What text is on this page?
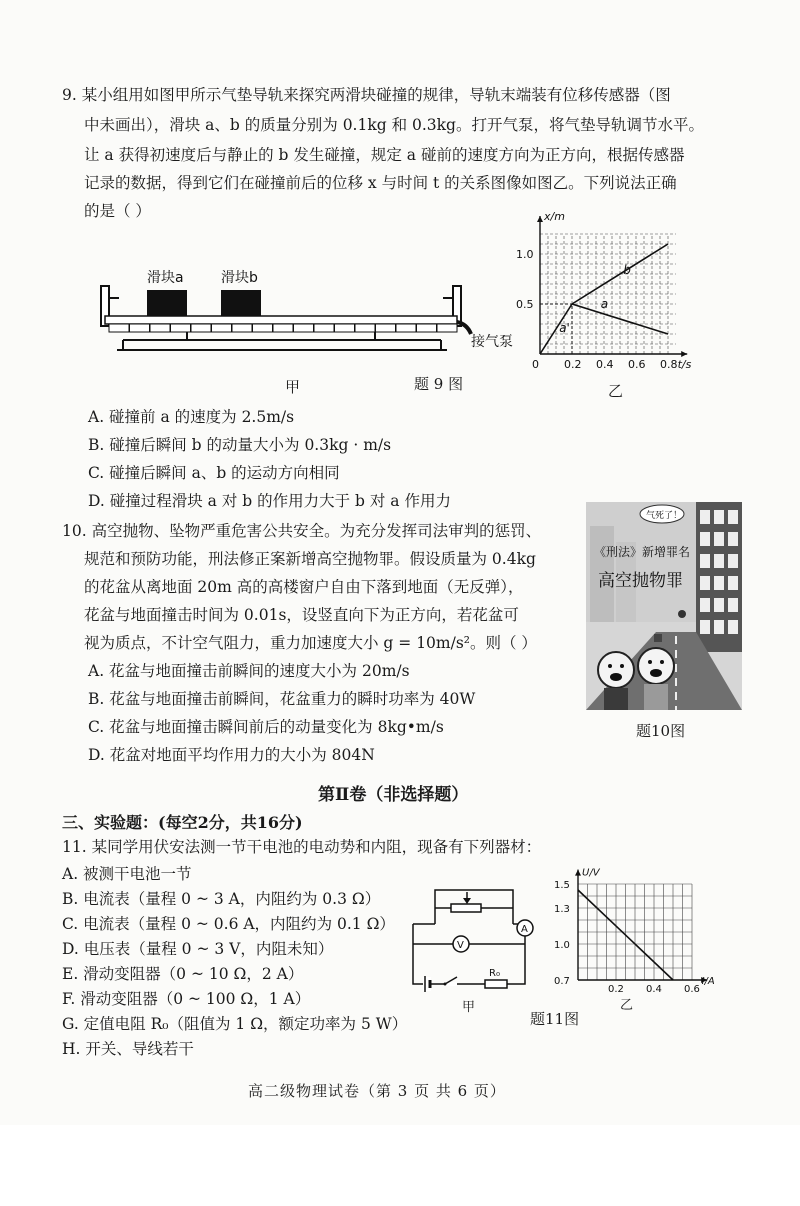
9. 某小组用如图甲所示气垫导轨来探究两滑块碰撞的规律，导轨末端装有位移传感器（图
中未画出），滑块 a、b 的质量分别为 0.1kg 和 0.3kg。打开气泵，将气垫导轨调节水平。
让 a 获得初速度后与静止的 b 发生碰撞，规定 a 碰前的速度方向为正方向，根据传感器
记录的数据，得到它们在碰撞前后的位移 x 与时间 t 的关系图像如图乙。下列说法正确
的是（ ）
滑块a	滑块b
接气泵
甲	题 9 图
x/m
t/s
0
1.0
0.5
0.2 0.4 0.6 0.8
b
a
a'
乙
A. 碰撞前 a 的速度为 2.5m/s
B. 碰撞后瞬间 b 的动量大小为 0.3kg · m/s
C. 碰撞后瞬间 a、b 的运动方向相同
D. 碰撞过程滑块 a 对 b 的作用力大于 b 对 a 作用力
10. 高空抛物、坠物严重危害公共安全。为充分发挥司法审判的惩罚、
规范和预防功能，刑法修正案新增高空抛物罪。假设质量为 0.4kg
的花盆从离地面 20m 高的高楼窗户自由下落到地面（无反弹），
花盆与地面撞击时间为 0.01s，设竖直向下为正方向，若花盆可
视为质点，不计空气阻力，重力加速度大小 g = 10m/s²。则（ ）
气死了！
《刑法》新增罪名
高空抛物罪
题10图
A. 花盆与地面撞击前瞬间的速度大小为 20m/s
B. 花盆与地面撞击前瞬间，花盆重力的瞬时功率为 40W
C. 花盆与地面撞击瞬间前后的动量变化为 8kg•m/s
D. 花盆对地面平均作用力的大小为 804N
第Ⅱ卷（非选择题）
三、实验题：(每空2分，共16分)
11. 某同学用伏安法测一节干电池的电动势和内阻，现备有下列器材：
A. 被测干电池一节
B. 电流表（量程 0 ~ 3 A，内阻约为 0.3 Ω）
C. 电流表（量程 0 ~ 0.6 A，内阻约为 0.1 Ω）
D. 电压表（量程 0 ~ 3 V，内阻未知）
E. 滑动变阻器（0 ~ 10 Ω，2 A）
F. 滑动变阻器（0 ~ 100 Ω，1 A）
G. 定值电阻 R₀（阻值为 1 Ω，额定功率为 5 W）
H. 开关、导线若干
A
V
R₀
甲
题11图
U/V
I/A
1.5
1.3
1.0
0.7
0.2 0.4 0.6
乙
高二级物理试卷（第 3 页 共 6 页）
